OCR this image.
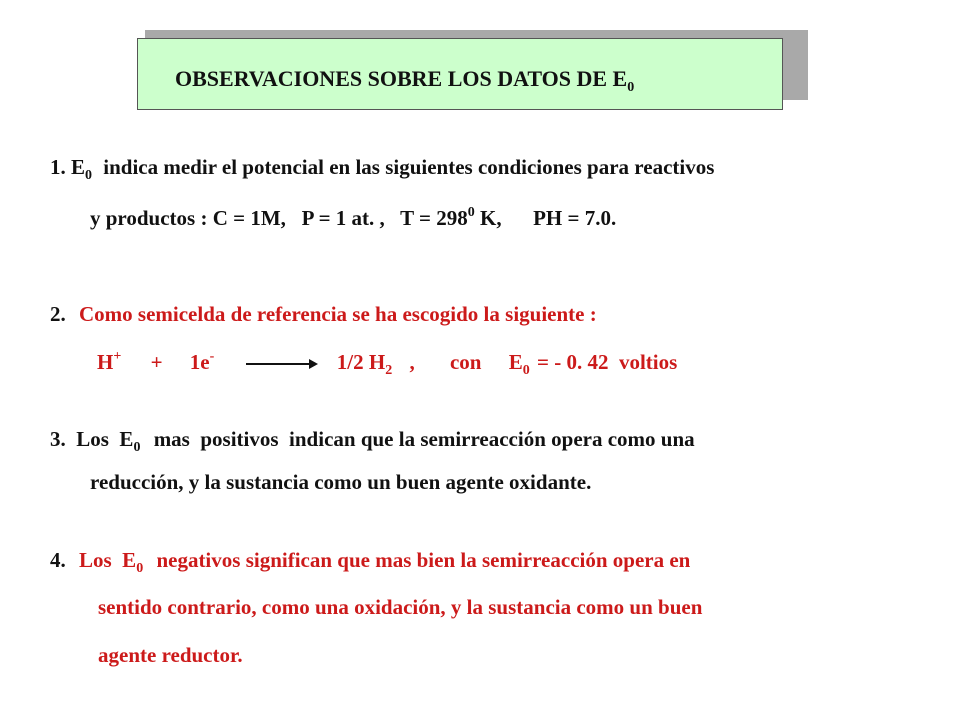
OBSERVACIONES SOBRE LOS DATOS DE $E_0$
1. $E_0$ indica medir el potencial en las siguientes condiciones para reactivos
y productos : C = 1M,   P = 1 at. ,   $T = 298^0$ K,      PH = 7.0.
2. Como semicelda de referencia se ha escogido la siguiente :
H+ + 1e-	1/2 $H_2$ , con $E_0$ = - 0. 42  voltios
3.  Los  $E_0$ mas  positivos  indican que la semirreacción opera como una
reducción, y la sustancia como un buen agente oxidante.
4. Los  $E_0$ negativos significan que mas bien la semirreacción opera en
sentido contrario, como una oxidación, y la sustancia como un buen
agente reductor.
